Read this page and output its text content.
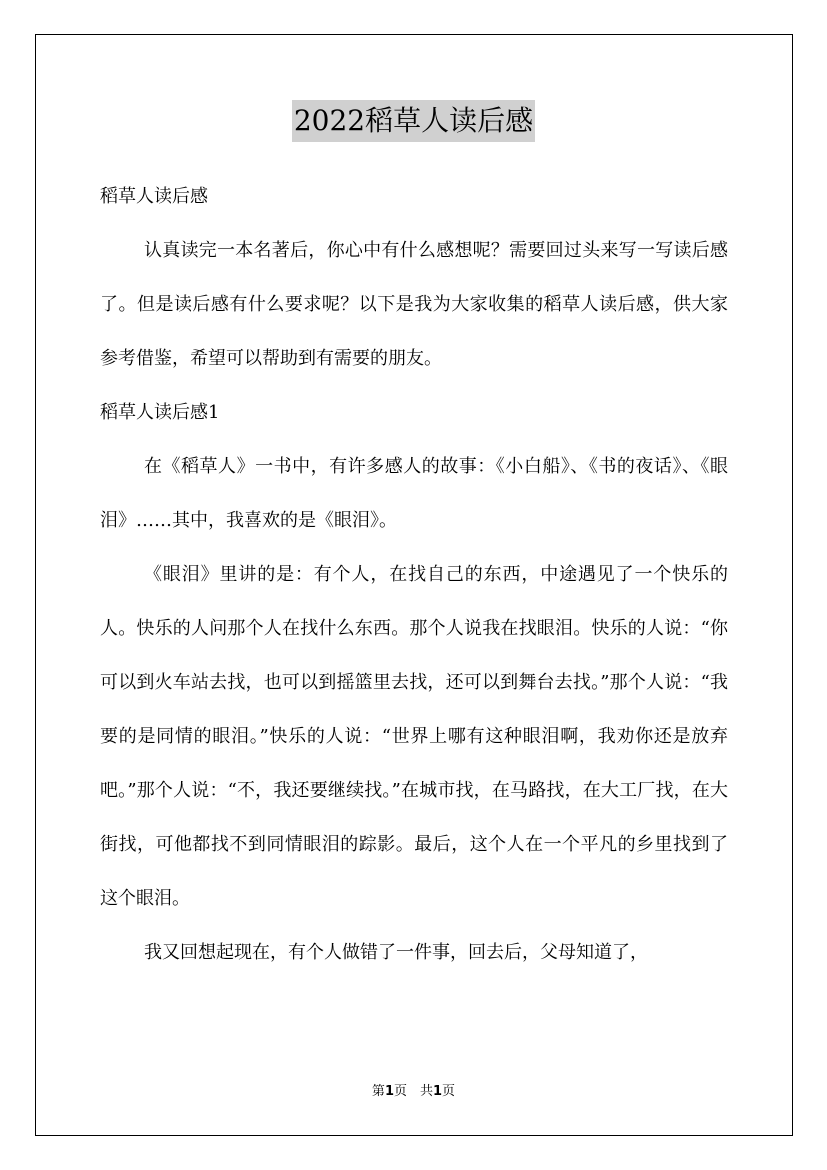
2022稻草人读后感
稻草人读后感

认真读完一本名著后，你心中有什么感想呢？需要回过头来写一写读后感了。但是读后感有什么要求呢？以下是我为大家收集的稻草人读后感，供大家参考借鉴，希望可以帮助到有需要的朋友。

稻草人读后感1

在《稻草人》一书中，有许多感人的故事：《小白船》、《书的夜话》、《眼泪》……其中，我喜欢的是《眼泪》。

《眼泪》里讲的是：有个人，在找自己的东西，中途遇见了一个快乐的人。快乐的人问那个人在找什么东西。那个人说我在找眼泪。快乐的人说：“你可以到火车站去找，也可以到摇篮里去找，还可以到舞台去找。”那个人说：“我要的是同情的眼泪。”快乐的人说：“世界上哪有这种眼泪啊，我劝你还是放弃吧。”那个人说：“不，我还要继续找。”在城市找，在马路找，在大工厂找，在大街找，可他都找不到同情眼泪的踪影。最后，这个人在一个平凡的乡里找到了这个眼泪。

我又回想起现在，有个人做错了一件事，回去后，父母知道了，

第1页　共1页
